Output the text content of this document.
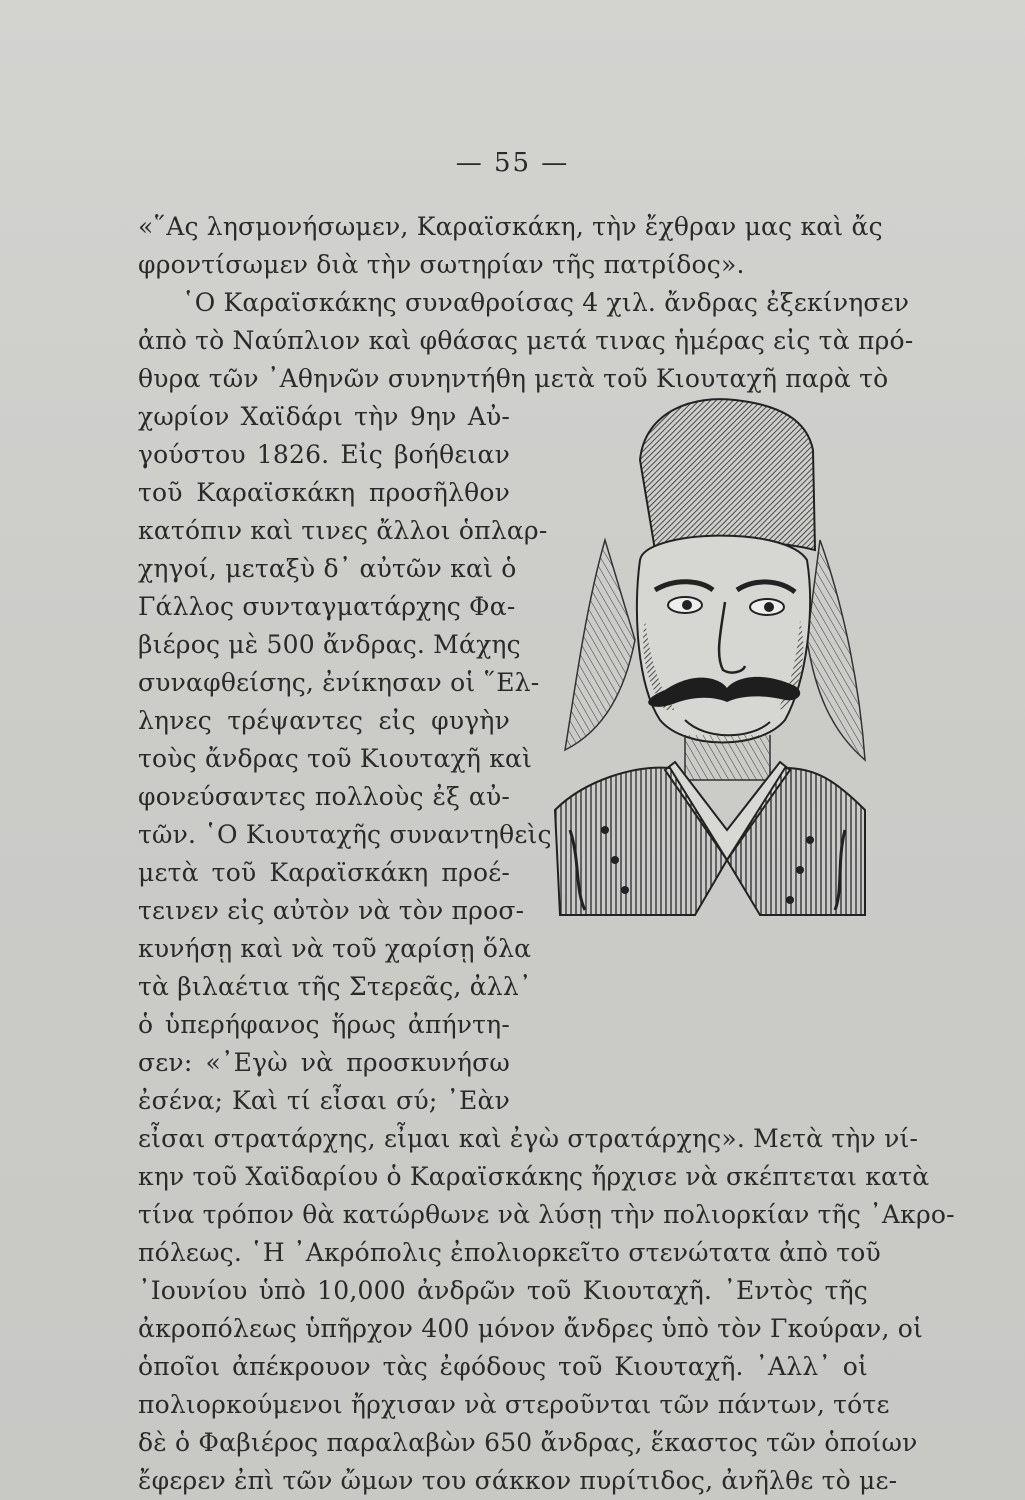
— 55 —
«῞Ας λησμονήσωμεν, Καραϊσκάκη, τὴν ἔχθραν μας καὶ ἄς
φροντίσωμεν διὰ τὴν σωτηρίαν τῆς πατρίδος».
῾Ο Καραϊσκάκης συναθροίσας 4 χιλ. ἄνδρας ἐξεκίνησεν
ἀπὸ τὸ Ναύπλιον καὶ φθάσας μετά τινας ἡμέρας εἰς τὰ πρό-
θυρα τῶν ᾿Αθηνῶν συνηντήθη μετὰ τοῦ Κιουταχῆ παρὰ τὸ
χωρίον Χαϊδάρι τὴν 9ην Αὐ-
γούστου 1826. Εἰς βοήθειαν
τοῦ Καραϊσκάκη προσῆλθον
κατόπιν καὶ τινες ἄλλοι ὁπλαρ-
χηγοί, μεταξὺ δ᾿ αὐτῶν καὶ ὁ
Γάλλος συνταγματάρχης Φα-
βιέρος μὲ 500 ἄνδρας. Μάχης
συναφθείσης, ἐνίκησαν οἱ ῞Ελ-
ληνες τρέψαντες εἰς φυγὴν
τοὺς ἄνδρας τοῦ Κιουταχῆ καὶ
φονεύσαντες πολλοὺς ἐξ αὐ-
τῶν. ῾Ο Κιουταχῆς συναντηθεὶς
μετὰ τοῦ Καραϊσκάκη προέ-
τεινεν εἰς αὐτὸν νὰ τὸν προσ-
κυνήσῃ καὶ νὰ τοῦ χαρίσῃ ὅλα
τὰ βιλαέτια τῆς Στερεᾶς, ἀλλ᾿
ὁ ὑπερήφανος ἥρως ἀπήντη-
σεν: «᾿Εγὼ νὰ προσκυνήσω
ἐσένα; Καὶ τί εἶσαι σύ; ᾿Εὰν
εἶσαι στρατάρχης, εἶμαι καὶ ἐγὼ στρατάρχης». Μετὰ τὴν νί-
κην τοῦ Χαϊδαρίου ὁ Καραϊσκάκης ἤρχισε νὰ σκέπτεται κατὰ
τίνα τρόπον θὰ κατώρθωνε νὰ λύσῃ τὴν πολιορκίαν τῆς ᾿Ακρο-
πόλεως. ῾Η ᾿Ακρόπολις ἐπολιορκεῖτο στενώτατα ἀπὸ τοῦ
᾿Ιουνίου ὑπὸ 10,000 ἀνδρῶν τοῦ Κιουταχῆ. ᾿Εντὸς τῆς
ἀκροπόλεως ὑπῆρχον 400 μόνον ἄνδρες ὑπὸ τὸν Γκούραν, οἱ
ὁποῖοι ἀπέκρουον τὰς ἐφόδους τοῦ Κιουταχῆ. ᾿Αλλ᾿ οἱ
πολιορκούμενοι ἤρχισαν νὰ στεροῦνται τῶν πάντων, τότε
δὲ ὁ Φαβιέρος παραλαβὼν 650 ἄνδρας, ἕκαστος τῶν ὁποίων
ἔφερεν ἐπὶ τῶν ὤμων του σάκκον πυρίτιδος, ἀνῆλθε τὸ με-
